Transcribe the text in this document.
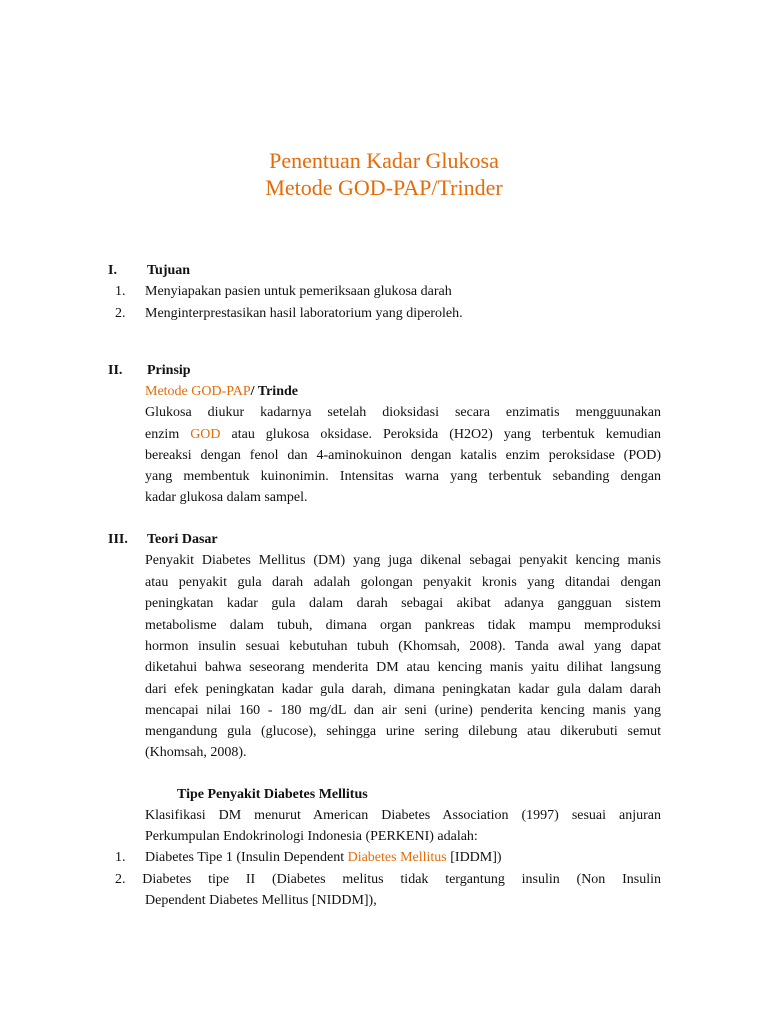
Penentuan Kadar Glukosa
Metode GOD-PAP/Trinder
I. Tujuan
1. Menyiapakan pasien untuk pemeriksaan glukosa darah
2. Menginterprestasikan hasil laboratorium yang diperoleh.
II. Prinsip
Metode GOD-PAP/ Trinde
Glukosa diukur kadarnya setelah dioksidasi secara enzimatis mengguunakan
enzim GOD atau glukosa oksidase. Peroksida (H2O2) yang terbentuk kemudian
bereaksi dengan fenol dan 4-aminokuinon dengan katalis enzim peroksidase (POD)
yang membentuk kuinonimin. Intensitas warna yang terbentuk sebanding dengan
kadar glukosa dalam sampel.
III. Teori Dasar
Penyakit Diabetes Mellitus (DM) yang juga dikenal sebagai penyakit kencing manis
atau penyakit gula darah adalah golongan penyakit kronis yang ditandai dengan
peningkatan kadar gula dalam darah sebagai akibat adanya gangguan sistem
metabolisme dalam tubuh, dimana organ pankreas tidak mampu memproduksi
hormon insulin sesuai kebutuhan tubuh (Khomsah, 2008). Tanda awal yang dapat
diketahui bahwa seseorang menderita DM atau kencing manis yaitu dilihat langsung
dari efek peningkatan kadar gula darah, dimana peningkatan kadar gula dalam darah
mencapai nilai 160 - 180 mg/dL dan air seni (urine) penderita kencing manis yang
mengandung gula (glucose), sehingga urine sering dilebung atau dikerubuti semut
(Khomsah, 2008).
Tipe Penyakit Diabetes Mellitus
Klasifikasi DM menurut American Diabetes Association (1997) sesuai anjuran
Perkumpulan Endokrinologi Indonesia (PERKENI) adalah:
1. Diabetes Tipe 1 (Insulin Dependent Diabetes Mellitus [IDDM])
2. Diabetes tipe II (Diabetes melitus tidak tergantung insulin (Non Insulin
Dependent Diabetes Mellitus [NIDDM]),
